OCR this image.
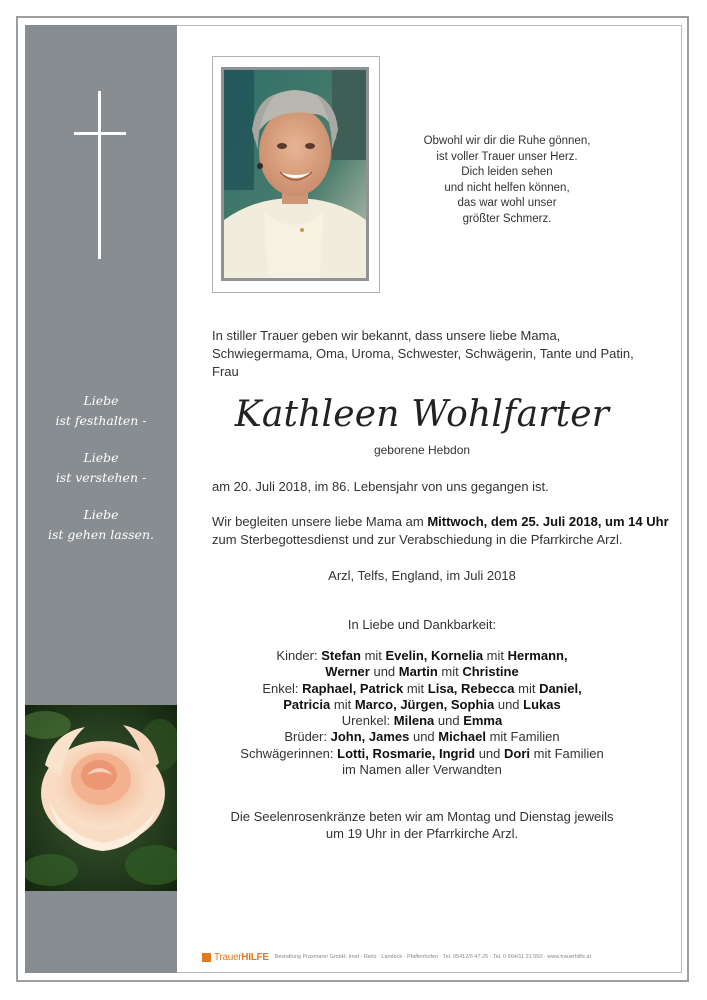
Liebe
ist festhalten -
Liebe
ist verstehen -
Liebe
ist gehen lassen.
© Trauerhilfe „Rose 10“
Obwohl wir dir die Ruhe gönnen,
ist voller Trauer unser Herz.
Dich leiden sehen
und nicht helfen können,
das war wohl unser
größter Schmerz.
In stiller Trauer geben wir bekannt, dass unsere liebe Mama, Schwiegermama, Oma, Uroma, Schwester, Schwägerin, Tante und Patin, Frau
Kathleen Wohlfarter
geborene Hebdon
am 20. Juli 2018, im 86. Lebensjahr von uns gegangen ist.
Wir begleiten unsere liebe Mama am Mittwoch, dem 25. Juli 2018, um 14 Uhr
zum Sterbegottesdienst und zur Verabschiedung in die Pfarrkirche Arzl.
Arzl, Telfs, England, im Juli 2018
In Liebe und Dankbarkeit:
Kinder: Stefan mit Evelin, Kornelia mit Hermann,
Werner und Martin mit Christine
Enkel: Raphael, Patrick mit Lisa, Rebecca mit Daniel,
Patricia mit Marco, Jürgen, Sophia und Lukas
Urenkel: Milena und Emma
Brüder: John, James und Michael mit Familien
Schwägerinnen: Lotti, Rosmarie, Ingrid und Dori mit Familien
im Namen aller Verwandten
Die Seelenrosenkränze beten wir am Montag und Dienstag jeweils
um 19 Uhr in der Pfarrkirche Arzl.
TrauerHILFE Bestattung Praxmarer GmbH, Imst · Rietz · Landeck · Pfaffenhofen · Tel. 05412/6 47 25 · Tel. 0 664/11 21 550 · www.trauerhilfe.at
